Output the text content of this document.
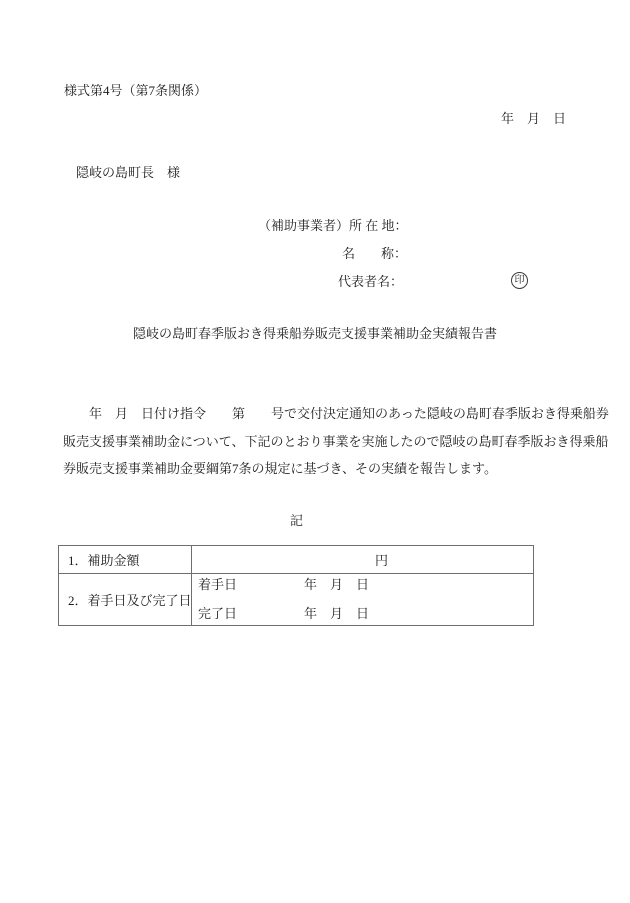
様式第4号（第7条関係）
年　月　日
隠岐の島町長　様
（補助事業者）所 在 地：
名　　称：
代表者名：	印
隠岐の島町春季版おき得乗船券販売支援事業補助金実績報告書
　　年　月　日付け指令　　第　　号で交付決定通知のあった隠岐の島町春季版おき得乗船券
販売支援事業補助金について、下記のとおり事業を実施したので隠岐の島町春季版おき得乗船
券販売支援事業補助金要綱第7条の規定に基づき、その実績を報告します。
記
1．補助金額	円
2．着手日及び完了日
着手日	年　月　日
完了日	年　月　日
